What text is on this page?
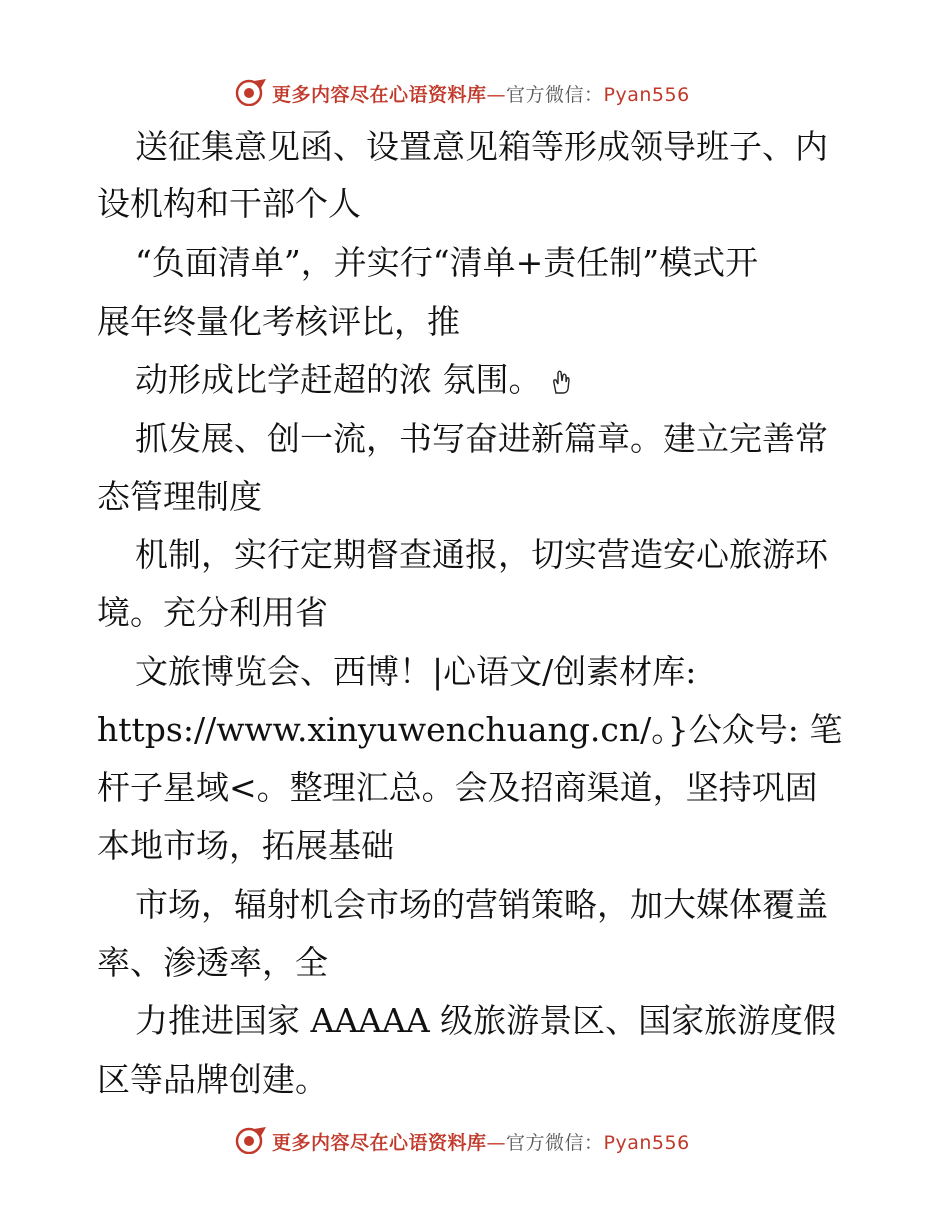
更多内容尽在心语资料库—官方微信：Pyan556
送征集意见函、设置意见箱等形成领导班子、内
设机构和干部个人
“负面清单”，并实行“清单+责任制”模式开
展年终量化考核评比，推
动形成比学赶超的浓 氛围。
抓发展、创一流，书写奋进新篇章。建立完善常
态管理制度
机制，实行定期督查通报，切实营造安心旅游环
境。充分利用省
文旅博览会、西博！|心语文/创素材库:
https://www.xinyuwenchuang.cn/。}公众号: 笔
杆子星域<。整理汇总。会及招商渠道，坚持巩固
本地市场，拓展基础
市场，辐射机会市场的营销策略，加大媒体覆盖
率、渗透率，全
力推进国家 AAAAA 级旅游景区、国家旅游度假
区等品牌创建。
更多内容尽在心语资料库—官方微信：Pyan556
